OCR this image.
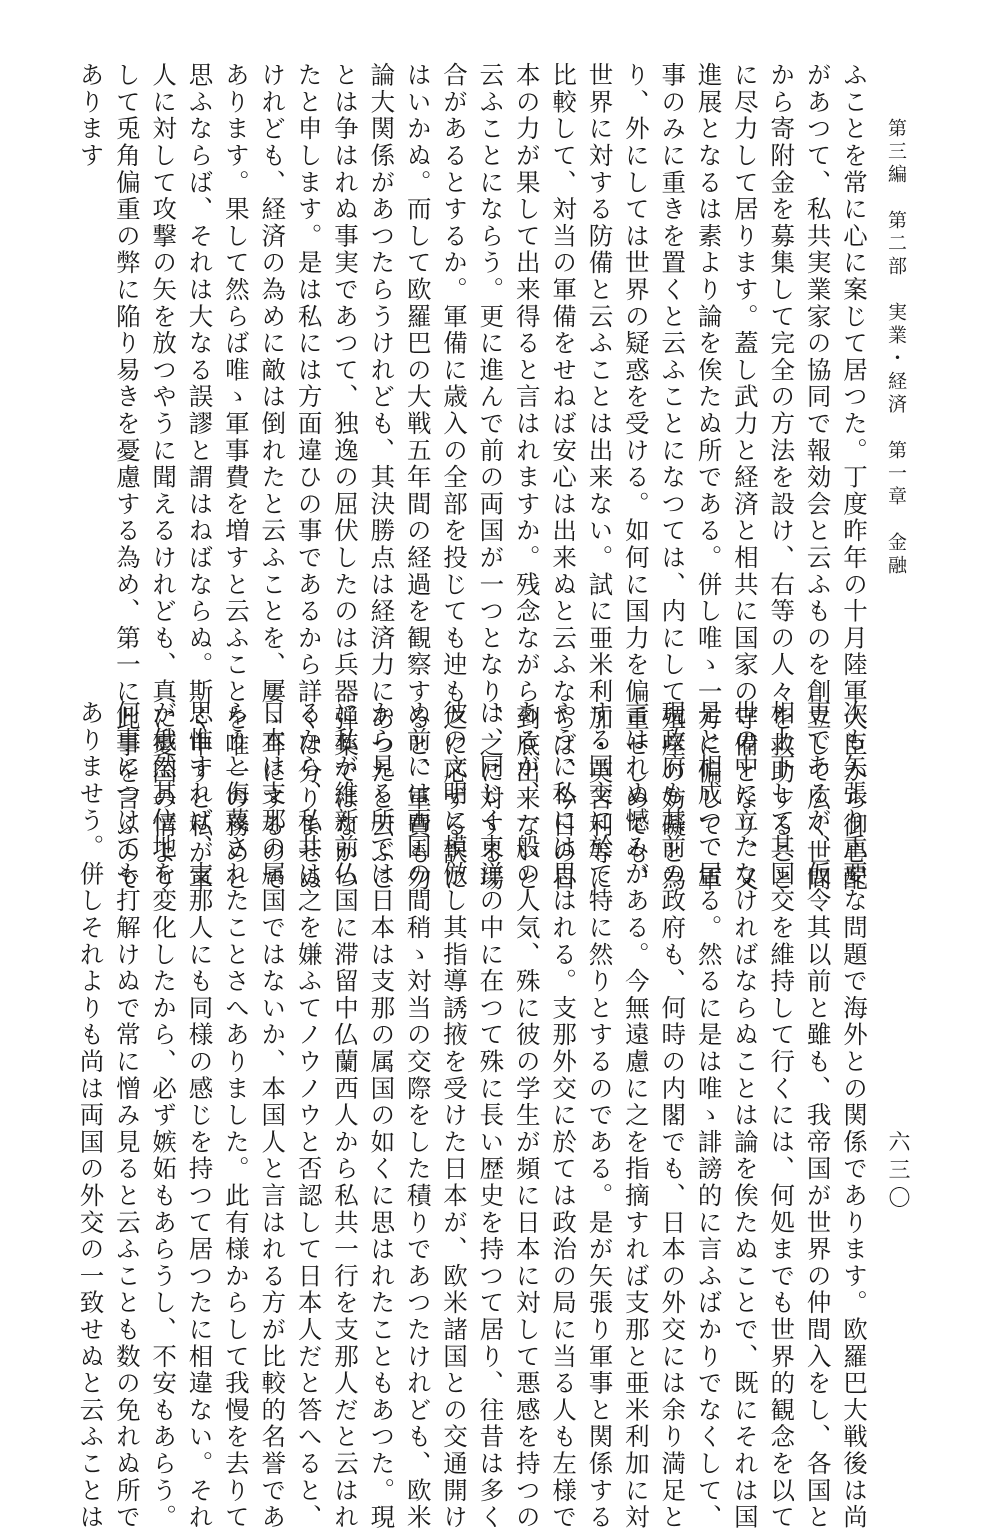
第三編　第二部　実業・経済　第一章　金融
ふことを常に心に案じて居つた。丁度昨年の十月陸軍大臣から御心配
があつて、私共実業家の協同で報効会と云ふものを創立して広く世間
から寄附金を募集して完全の方法を設け、右等の人々を救助すること
に尽力して居ります。蓋し武力と経済と相共に国家の守備となり、又
進展となるは素より論を俟たぬ所である。併し唯ゝ一方に偏して、軍
事のみに重きを置くと云ふことになつては、内にして殖産の妨礙と為
り、外にしては世界の疑惑を受ける。如何に国力を偏重せしめても、
世界に対する防備と云ふことは出来ない。試に亜米利加・英吉利等に
比較して、対当の軍備をせねば安心は出来ぬと云ふならば、今日の日
本の力が果して出来得ると言はれますか。残念ながら到底出来ないと
云ふことにならう。更に進んで前の両国が一つとなり、之に対する場
合があるとするか。軍備に歳入の全部を投じても迚も之に応ずる訳に
はいかぬ。而して欧羅巴の大戦五年間の経過を観察すると、軍費も勿
論大関係があつたらうけれども、其決勝点は経済力にあつたと云ふこ
とは争はれぬ事実であつて、独逸の屈伏したのは兵器弾薬ではなかつ
たと申します。是は私には方面違ひの事であるから詳くは分りませぬ
けれども、経済の為めに敵は倒れたと云ふことを、屢ゝ耳にするので
あります。果して然らば唯ゝ軍事費を増すと云ふことを唯一の務めと
思ふならば、それは大なる誤謬と謂はねばならぬ。斯く申すと私が軍
人に対して攻撃の矢を放つやうに聞えるけれども、真に憂国の情より
して兎角偏重の弊に陥り易きを憂慮する為め、第一に此事を言ふので
あります
六三〇
次も矢張り重要な問題で海外との関係であります。欧羅巴大戦後は尚
更であるが、仮令其以前と雖も、我帝国が世界の仲間入をし、各国と
相上下して其国交を維持して行くには、何処までも世界的観念を以て
世の中に立たなければならぬことは論を俟たぬことで、既にそれは国
是と相成つて居る。然るに是は唯ゝ誹謗的に言ふばかりでなくして、
現政府も其前の政府も、何時の内閣でも、日本の外交には余り満足と
言はれぬ憾みがある。今無遠慮に之を指摘すれば支那と亜米利加に対
する国交に於て特に然りとするのである。是が矢張り軍事と関係する
やうに私には思はれる。支那外交に於ては政治の局に当る人も左様で
あるが、一般の人気、殊に彼の学生が頻に日本に対して悪感を持つの
は、同じく東洋の中に在つて殊に長い歴史を持つて居り、往昔は多く
彼の文明に模倣し其指導誘掖を受けた日本が、欧米諸国との交通開け
ぬ前には両国の間稍ゝ対当の交際をした積りであつたけれども、欧米
から見る所では日本は支那の属国の如くに思はれたこともあつた。現
に私が維新前仏国に滞留中仏蘭西人から私共一行を支那人だと云はれ
るから、私共は之を嫌ふてノウノウと否認して日本人だと答へると、
日本は支那の属国ではないか、本国人と言はれる方が比較的名誉であ
らうと侮蔑されたことさへありました。此有様からして我慢を去りて
思惟すれば、支那人にも同様の感じを持つて居つたに相違ない。それ
が俄然其位地を変化したから、必ず嫉妬もあらうし、不安もあらう。
何事につけても打解けぬで常に憎み見ると云ふことも数の免れぬ所で
ありませう。併しそれよりも尚は両国の外交の一致せぬと云ふことは
